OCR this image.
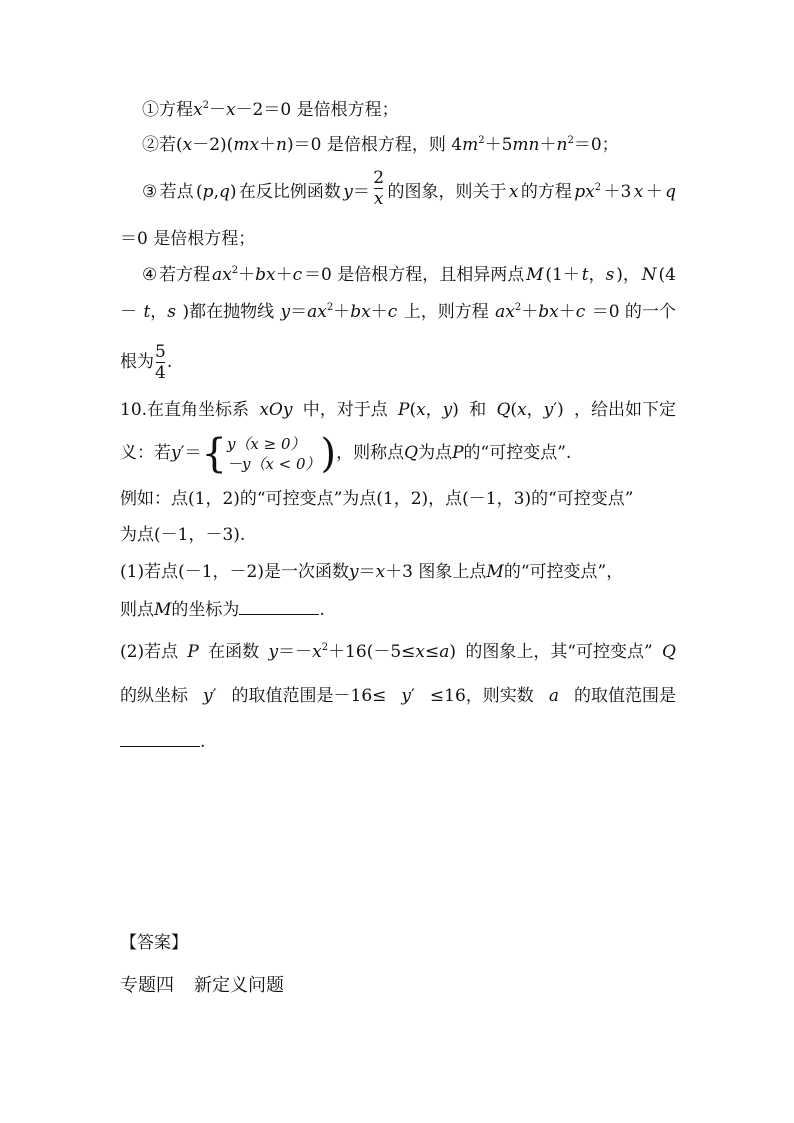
①方程$x^2-x-2=0$ 是倍根方程；
②若(x－2)(mx＋n)＝0 是倍根方程，则 $4m^2+5mn+n^2=0$；
③ 若点 (p,q) 在反比例函数 $y= \frac{2}{x}$ 的图象，则关于 x 的方程 $px^2 +3$ x ＋ q
＝0 是倍根方程；
④ 若方程 $ax^2+bx+c =0$ 是倍根方程，且相异两点 M (1＋ t，s )， N (4
－ t，s )都在抛物线 $y=ax^2+bx+c$ 上，则方程 $ax^2+bx+c =0$ 的一个
根为 $\frac{5}{4}$ .
10.在直角坐标系 xOy 中，对于点 P(x，y) 和 Q(x，y′) ，给出如下定
义：若y′＝ { y（x ≥ 0）
－y（x < 0） ) ，则称点Q为点P的“可控变点”.
例如：点(1，2)的“可控变点”为点(1，2)，点(－1，3)的“可控变点”
为点(－1，－3).
(1)若点(－1，－2)是一次函数y＝x＋3 图象上点M的“可控变点”，
则点M的坐标为	.
(2)若点 P 在函数 $y=-x^2+16(-5\le x\le a)$ 的图象上，其“可控变点” Q
的纵坐标 y′ 的取值范围是－16≤ y′ ≤16，则实数 a 的取值范围是
.
【答案】
专题四 新定义问题
